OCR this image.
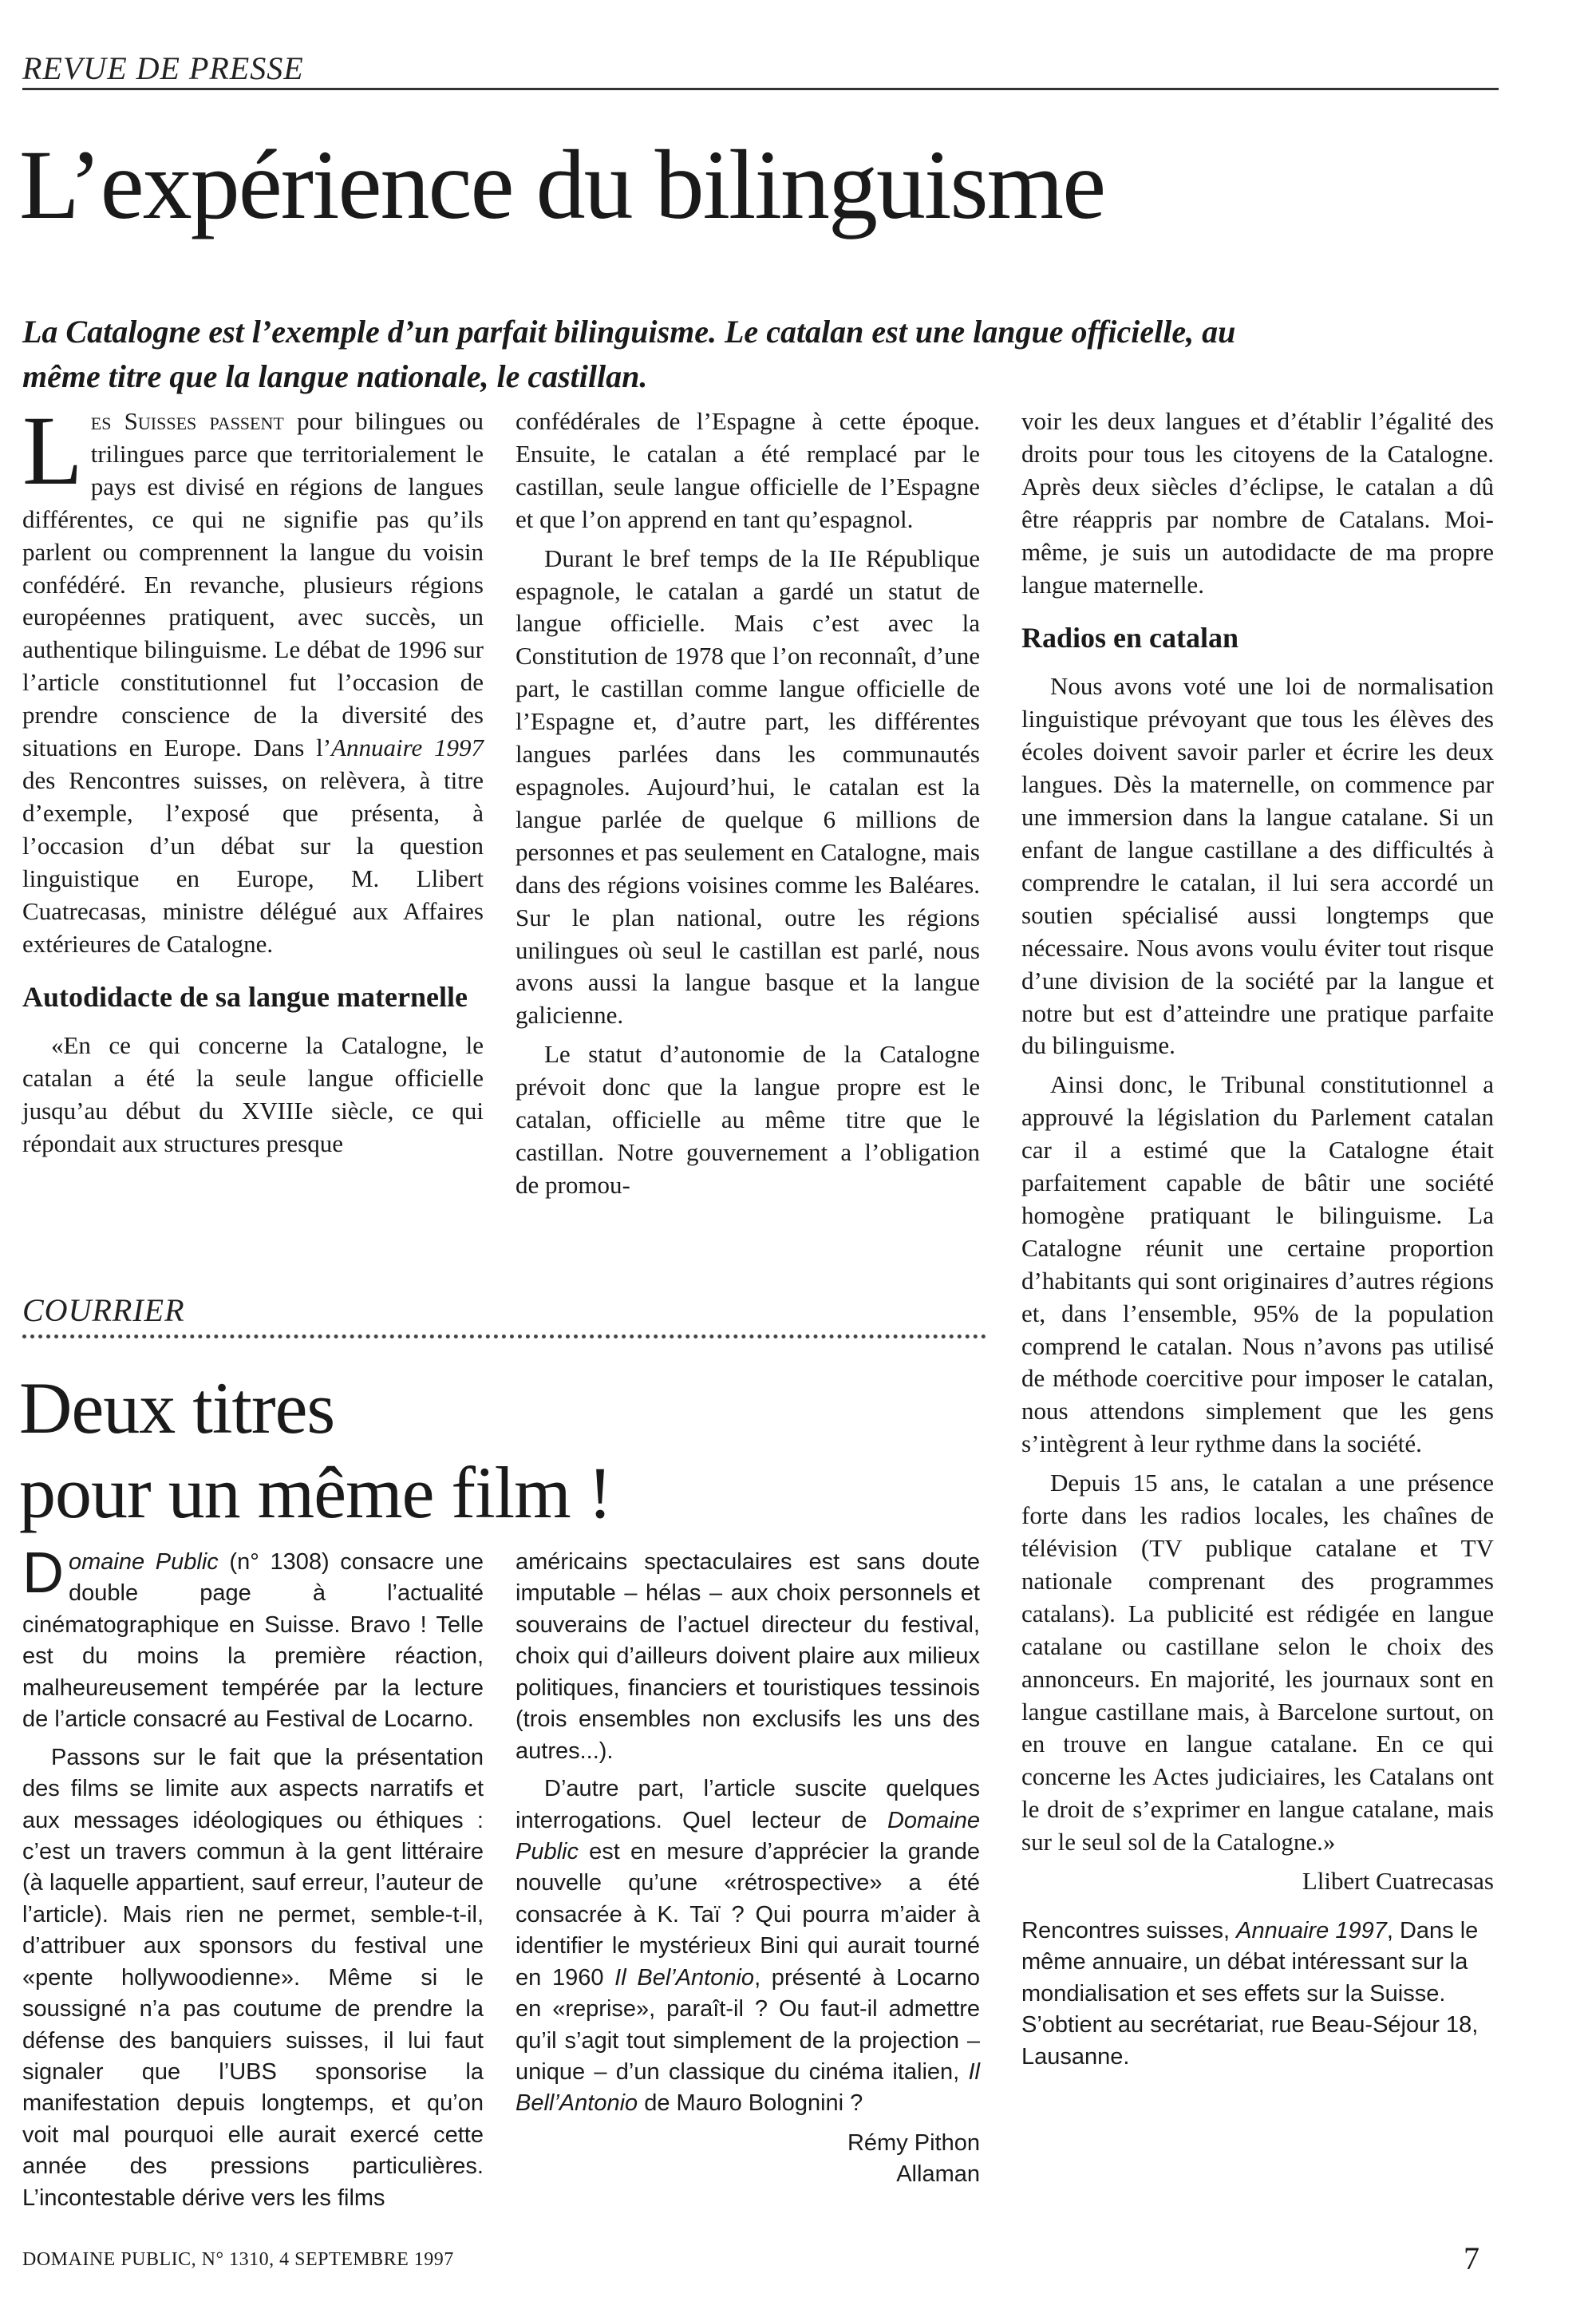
REVUE DE PRESSE
L’expérience du bilinguisme
La Catalogne est l’exemple d’un parfait bilinguisme. Le catalan est une langue officielle, au même titre que la langue nationale, le castillan.

Les Suisses passent pour bilingues ou trilingues parce que territorialement le pays est divisé en régions de langues différentes, ce qui ne signifie pas qu’ils parlent ou comprennent la langue du voisin confédéré. En revanche, plusieurs régions européennes pratiquent, avec succès, un authentique bilinguisme. Le débat de 1996 sur l’article constitutionnel fut l’occasion de prendre conscience de la diversité des situations en Europe. Dans l’Annuaire 1997 des Rencontres suisses, on relèvera, à titre d’exemple, l’exposé que présenta, à l’occasion d’un débat sur la question linguistique en Europe, M. Llibert Cuatrecasas, ministre délégué aux Affaires extérieures de Catalogne.

Autodidacte de sa langue maternelle

«En ce qui concerne la Catalogne, le catalan a été la seule langue officielle jusqu’au début du XVIIIe siècle, ce qui répondait aux structures presque

confédérales de l’Espagne à cette époque. Ensuite, le catalan a été remplacé par le castillan, seule langue officielle de l’Espagne et que l’on apprend en tant qu’espagnol.

Durant le bref temps de la IIe République espagnole, le catalan a gardé un statut de langue officielle. Mais c’est avec la Constitution de 1978 que l’on reconnaît, d’une part, le castillan comme langue officielle de l’Espagne et, d’autre part, les différentes langues parlées dans les communautés espagnoles. Aujourd’hui, le catalan est la langue parlée de quelque 6 millions de personnes et pas seulement en Catalogne, mais dans des régions voisines comme les Baléares. Sur le plan national, outre les régions unilingues où seul le castillan est parlé, nous avons aussi la langue basque et la langue galicienne.

Le statut d’autonomie de la Catalogne prévoit donc que la langue propre est le catalan, officielle au même titre que le castillan. Notre gouvernement a l’obligation de promou-

voir les deux langues et d’établir l’égalité des droits pour tous les citoyens de la Catalogne. Après deux siècles d’éclipse, le catalan a dû être réappris par nombre de Catalans. Moi-même, je suis un autodidacte de ma propre langue maternelle.

Radios en catalan

Nous avons voté une loi de normalisation linguistique prévoyant que tous les élèves des écoles doivent savoir parler et écrire les deux langues. Dès la maternelle, on commence par une immersion dans la langue catalane. Si un enfant de langue castillane a des difficultés à comprendre le catalan, il lui sera accordé un soutien spécialisé aussi longtemps que nécessaire. Nous avons voulu éviter tout risque d’une division de la société par la langue et notre but est d’atteindre une pratique parfaite du bilinguisme.

Ainsi donc, le Tribunal constitutionnel a approuvé la législation du Parlement catalan car il a estimé que la Catalogne était parfaitement capable de bâtir une société homogène pratiquant le bilinguisme. La Catalogne réunit une certaine proportion d’habitants qui sont originaires d’autres régions et, dans l’ensemble, 95% de la population comprend le catalan. Nous n’avons pas utilisé de méthode coercitive pour imposer le catalan, nous attendons simplement que les gens s’intègrent à leur rythme dans la société.

Depuis 15 ans, le catalan a une présence forte dans les radios locales, les chaînes de télévision (TV publique catalane et TV nationale comprenant des programmes catalans). La publicité est rédigée en langue catalane ou castillane selon le choix des annonceurs. En majorité, les journaux sont en langue castillane mais, à Barcelone surtout, on en trouve en langue catalane. En ce qui concerne les Actes judiciaires, les Catalans ont le droit de s’exprimer en langue catalane, mais sur le seul sol de la Catalogne.»

Llibert Cuatrecasas

Rencontres suisses, Annuaire 1997, Dans le même annuaire, un débat intéressant sur la mondialisation et ses effets sur la Suisse. S’obtient au secrétariat, rue Beau-Séjour 18, Lausanne.

COURRIER
Deux titres
pour un même film !

Domaine Public (n° 1308) consacre une double page à l’actualité cinématographique en Suisse. Bravo ! Telle est du moins la première réaction, malheureusement tempérée par la lecture de l’article consacré au Festival de Locarno.

Passons sur le fait que la présentation des films se limite aux aspects narratifs et aux messages idéologiques ou éthiques : c’est un travers commun à la gent littéraire (à laquelle appartient, sauf erreur, l’auteur de l’article). Mais rien ne permet, semble-t-il, d’attribuer aux sponsors du festival une «pente hollywoodienne». Même si le soussigné n’a pas coutume de prendre la défense des banquiers suisses, il lui faut signaler que l’UBS sponsorise la manifestation depuis longtemps, et qu’on voit mal pourquoi elle aurait exercé cette année des pressions particulières. L’incontestable dérive vers les films

américains spectaculaires est sans doute imputable – hélas – aux choix personnels et souverains de l’actuel directeur du festival, choix qui d’ailleurs doivent plaire aux milieux politiques, financiers et touristiques tessinois (trois ensembles non exclusifs les uns des autres...).

D’autre part, l’article suscite quelques interrogations. Quel lecteur de Domaine Public est en mesure d’apprécier la grande nouvelle qu’une «rétrospective» a été consacrée à K. Taï ? Qui pourra m’aider à identifier le mystérieux Bini qui aurait tourné en 1960 Il Bel’Antonio, présenté à Locarno en «reprise», paraît-il ? Ou faut-il admettre qu’il s’agit tout simplement de la projection – unique – d’un classique du cinéma italien, Il Bell’Antonio de Mauro Bolognini ?

Rémy Pithon

Allaman

DOMAINE PUBLIC, N° 1310, 4 SEPTEMBRE 1997	7
